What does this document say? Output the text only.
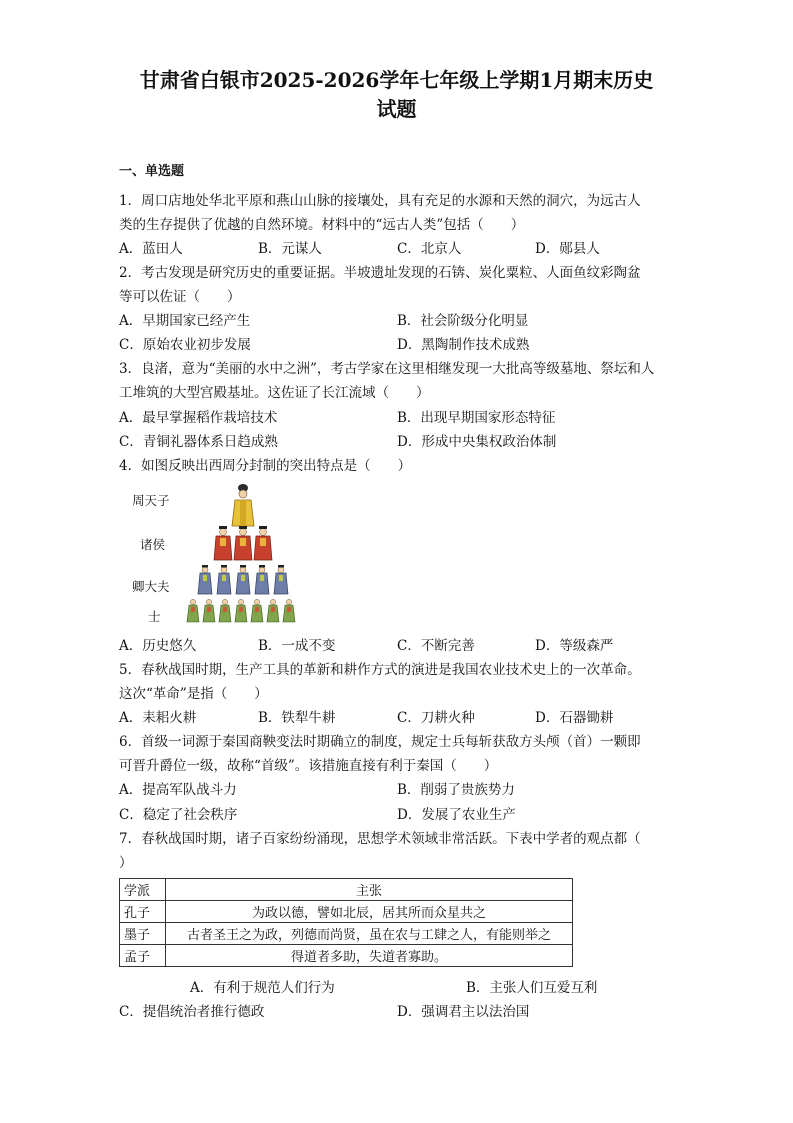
甘肃省白银市2025-2026学年七年级上学期1月期末历史
试题
一、单选题
1．周口店地处华北平原和燕山山脉的接壤处，具有充足的水源和天然的洞穴，为远古人
类的生存提供了优越的自然环境。材料中的“远古人类”包括（　　）
A．蓝田人	B．元谋人	C．北京人	D．郧县人
2．考古发现是研究历史的重要证据。半坡遗址发现的石锛、炭化粟粒、人面鱼纹彩陶盆
等可以佐证（　　）
A．早期国家已经产生	B．社会阶级分化明显
C．原始农业初步发展	D．黑陶制作技术成熟
3．良渚，意为“美丽的水中之洲”，考古学家在这里相继发现一大批高等级墓地、祭坛和人
工堆筑的大型宫殿基址。这佐证了长江流域（　　）
A．最早掌握稻作栽培技术	B．出现早期国家形态特征
C．青铜礼器体系日趋成熟	D．形成中央集权政治体制
4．如图反映出西周分封制的突出特点是（　　）
周天子
诸侯
卿大夫
士
A．历史悠久	B．一成不变	C．不断完善	D．等级森严
5．春秋战国时期，生产工具的革新和耕作方式的演进是我国农业技术史上的一次革命。
这次“革命”是指（　　）
A．耒耜火耕	B．铁犁牛耕	C．刀耕火种	D．石器锄耕
6．首级一词源于秦国商鞅变法时期确立的制度，规定士兵每斩获敌方头颅（首）一颗即
可晋升爵位一级，故称“首级”。该措施直接有利于秦国（　　）
A．提高军队战斗力	B．削弱了贵族势力
C．稳定了社会秩序	D．发展了农业生产
7．春秋战国时期，诸子百家纷纷涌现，思想学术领域非常活跃。下表中学者的观点都（
）
学派	主张
孔子	为政以德，譬如北辰，居其所而众星共之
墨子	古者圣王之为政，列德而尚贤，虽在农与工肆之人，有能则举之
孟子	得道者多助，失道者寡助。
A．有利于规范人们行为	B．主张人们互爱互利
C．提倡统治者推行德政	D．强调君主以法治国
